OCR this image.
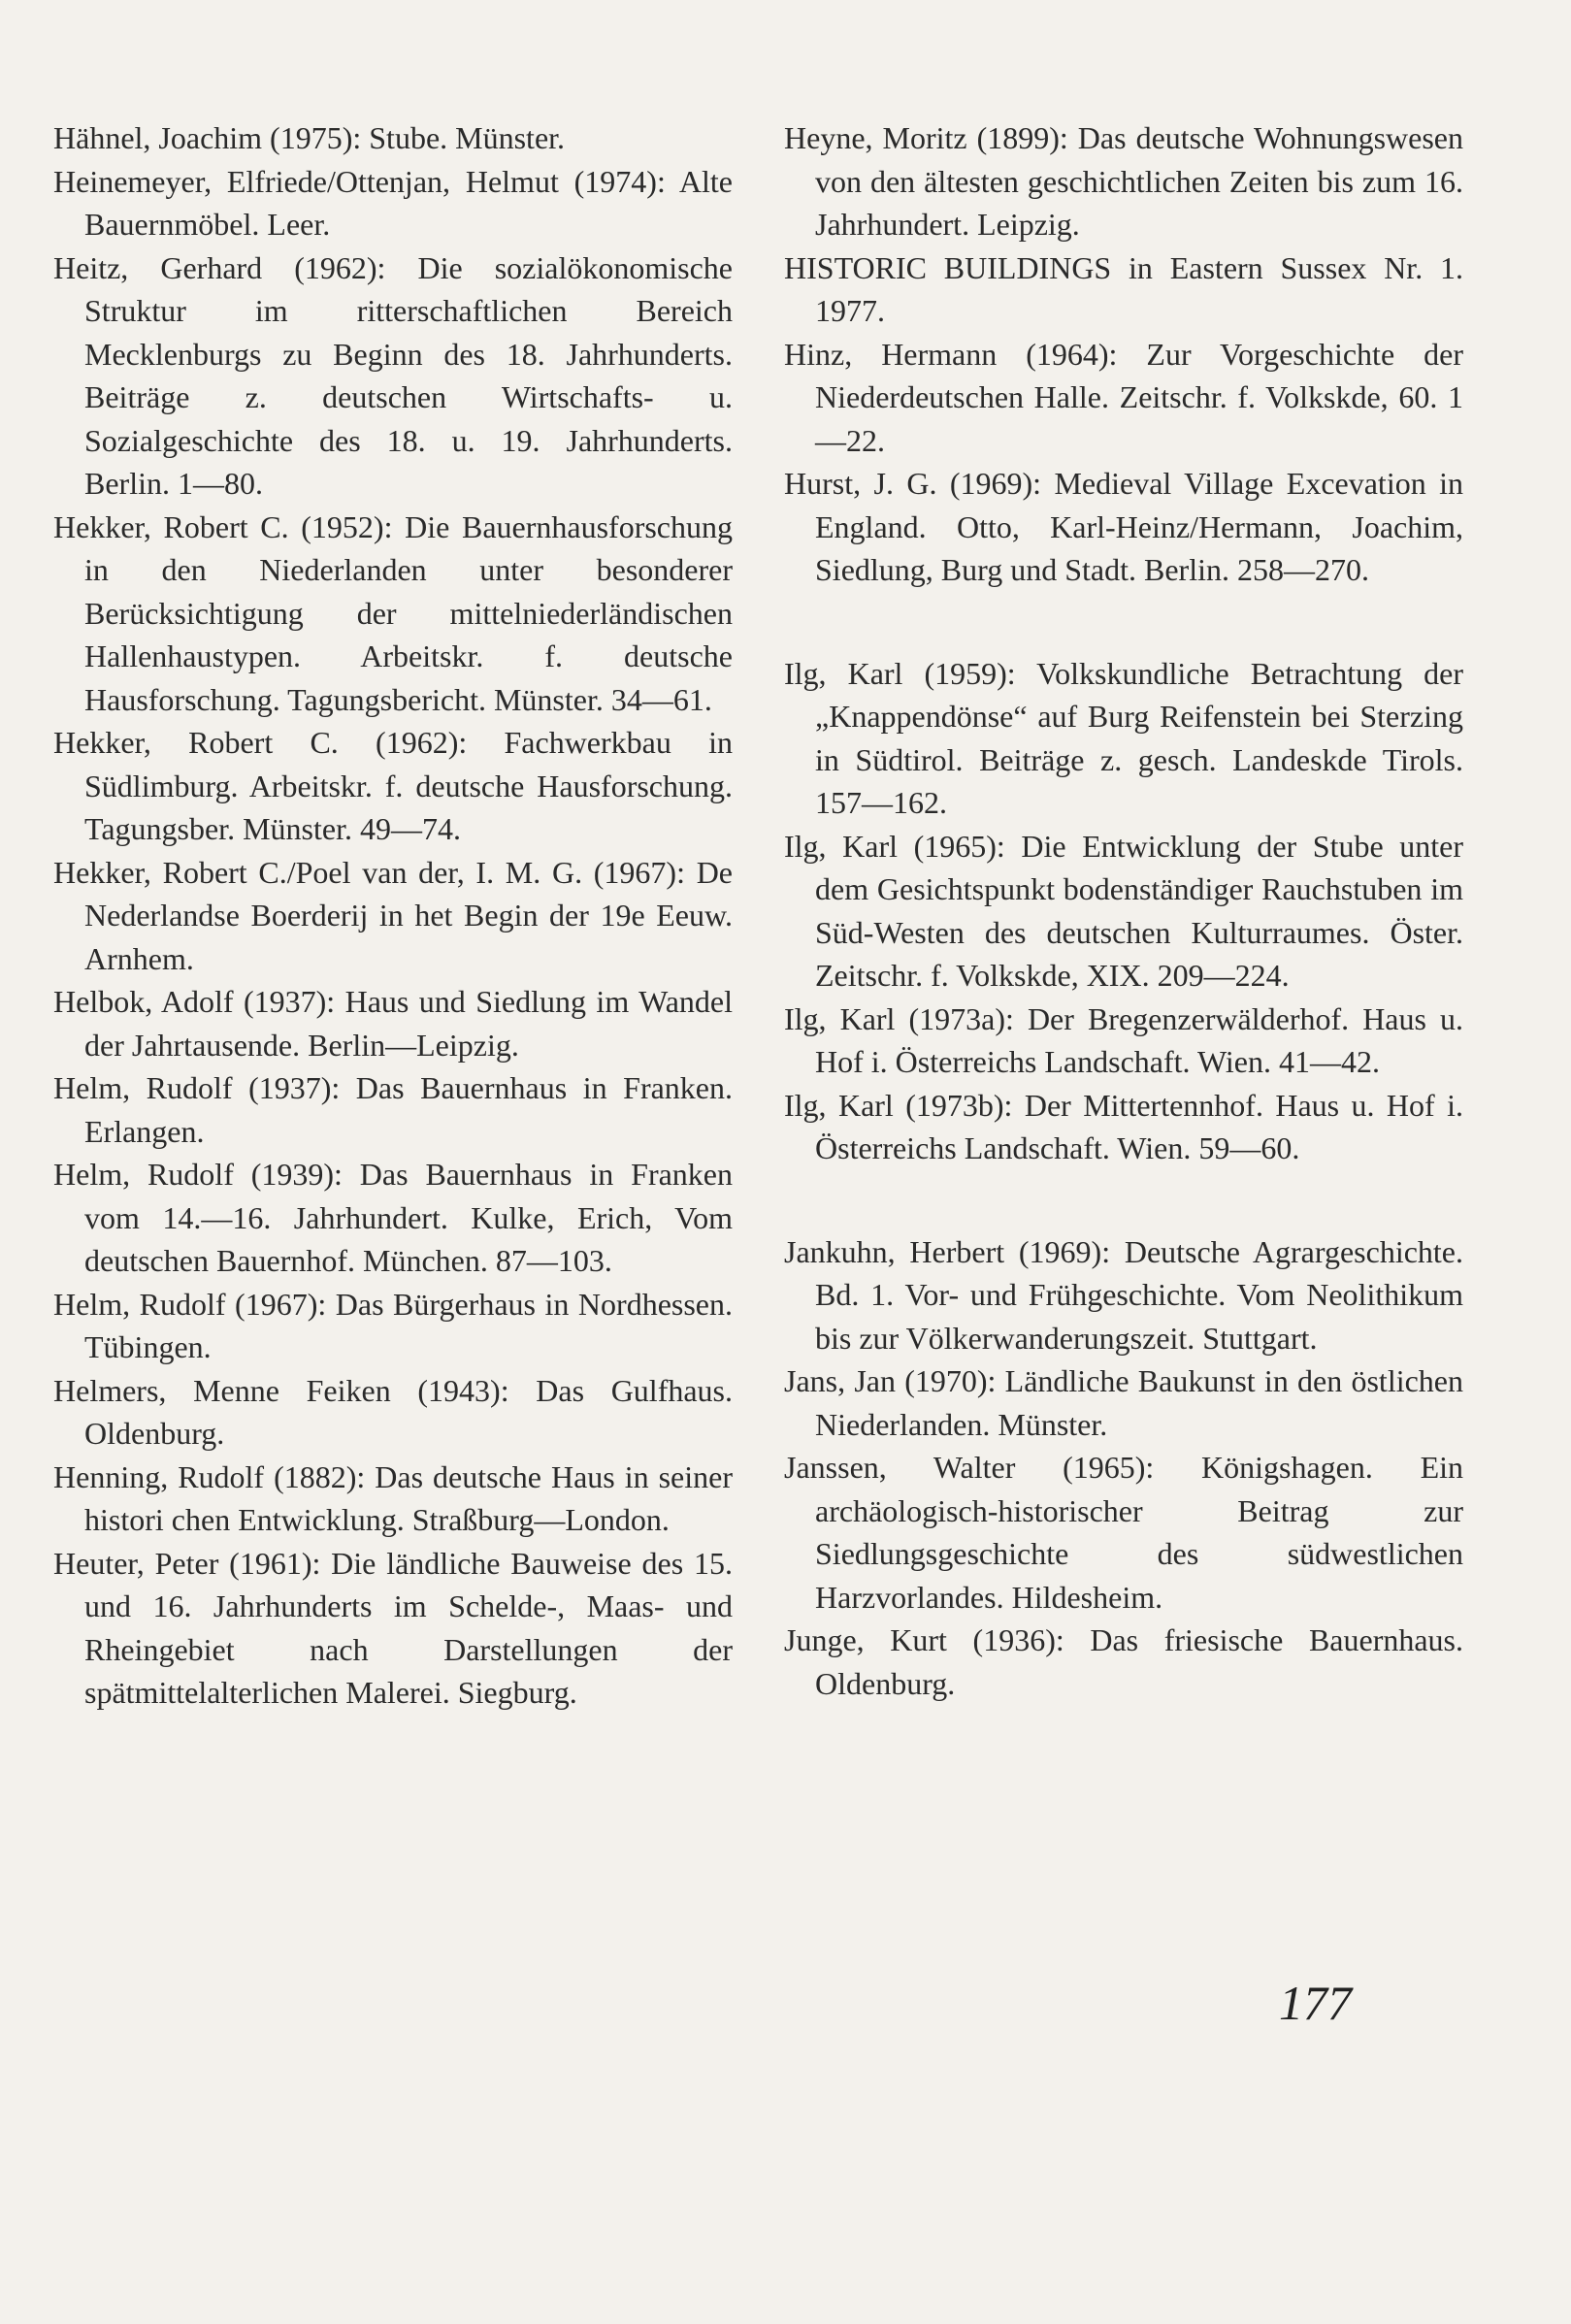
Hähnel, Joachim (1975): Stube. Münster.

Heinemeyer, Elfriede/Ottenjan, Helmut (1974): Alte Bauernmöbel. Leer.

Heitz, Gerhard (1962): Die sozialökonomische Struktur im ritterschaftlichen Bereich Mecklenburgs zu Beginn des 18. Jahrhunderts. Beiträge z. deutschen Wirtschafts- u. Sozialgeschichte des 18. u. 19. Jahrhunderts. Berlin. 1—80.

Hekker, Robert C. (1952): Die Bauernhausforschung in den Niederlanden unter besonderer Berücksichtigung der mittelniederländischen Hallenhaustypen. Arbeitskr. f. deutsche Hausforschung. Tagungsbericht. Münster. 34—61.

Hekker, Robert C. (1962): Fachwerkbau in Südlimburg. Arbeitskr. f. deutsche Hausforschung. Tagungsber. Münster. 49—74.

Hekker, Robert C./Poel van der, I. M. G. (1967): De Nederlandse Boerderij in het Begin der 19e Eeuw. Arnhem.

Helbok, Adolf (1937): Haus und Siedlung im Wandel der Jahrtausende. Berlin—Leipzig.

Helm, Rudolf (1937): Das Bauernhaus in Franken. Erlangen.

Helm, Rudolf (1939): Das Bauernhaus in Franken vom 14.—16. Jahrhundert. Kulke, Erich, Vom deutschen Bauernhof. München. 87—103.

Helm, Rudolf (1967): Das Bürgerhaus in Nordhessen. Tübingen.

Helmers, Menne Feiken (1943): Das Gulfhaus. Oldenburg.

Henning, Rudolf (1882): Das deutsche Haus in seiner histori chen Entwicklung. Straßburg—London.

Heuter, Peter (1961): Die ländliche Bauweise des 15. und 16. Jahrhunderts im Schelde-, Maas- und Rheingebiet nach Darstellungen der spätmittelalterlichen Malerei. Siegburg.

Heyne, Moritz (1899): Das deutsche Wohnungswesen von den ältesten geschichtlichen Zeiten bis zum 16. Jahrhundert. Leipzig.

HISTORIC BUILDINGS in Eastern Sussex Nr. 1. 1977.

Hinz, Hermann (1964): Zur Vorgeschichte der Niederdeutschen Halle. Zeitschr. f. Volkskde, 60. 1—22.

Hurst, J. G. (1969): Medieval Village Excevation in England. Otto, Karl-Heinz/Hermann, Joachim, Siedlung, Burg und Stadt. Berlin. 258—270.

Ilg, Karl (1959): Volkskundliche Betrachtung der „Knappendönse“ auf Burg Reifenstein bei Sterzing in Südtirol. Beiträge z. gesch. Landeskde Tirols. 157—162.

Ilg, Karl (1965): Die Entwicklung der Stube unter dem Gesichtspunkt bodenständiger Rauchstuben im Süd-Westen des deutschen Kulturraumes. Öster. Zeitschr. f. Volkskde, XIX. 209—224.

Ilg, Karl (1973a): Der Bregenzerwälderhof. Haus u. Hof i. Österreichs Landschaft. Wien. 41—42.

Ilg, Karl (1973b): Der Mittertennhof. Haus u. Hof i. Österreichs Landschaft. Wien. 59—60.

Jankuhn, Herbert (1969): Deutsche Agrargeschichte. Bd. 1. Vor- und Frühgeschichte. Vom Neolithikum bis zur Völkerwanderungszeit. Stuttgart.

Jans, Jan (1970): Ländliche Baukunst in den östlichen Niederlanden. Münster.

Janssen, Walter (1965): Königshagen. Ein archäologisch-historischer Beitrag zur Siedlungsgeschichte des südwestlichen Harzvorlandes. Hildesheim.

Junge, Kurt (1936): Das friesische Bauernhaus. Oldenburg.

177
